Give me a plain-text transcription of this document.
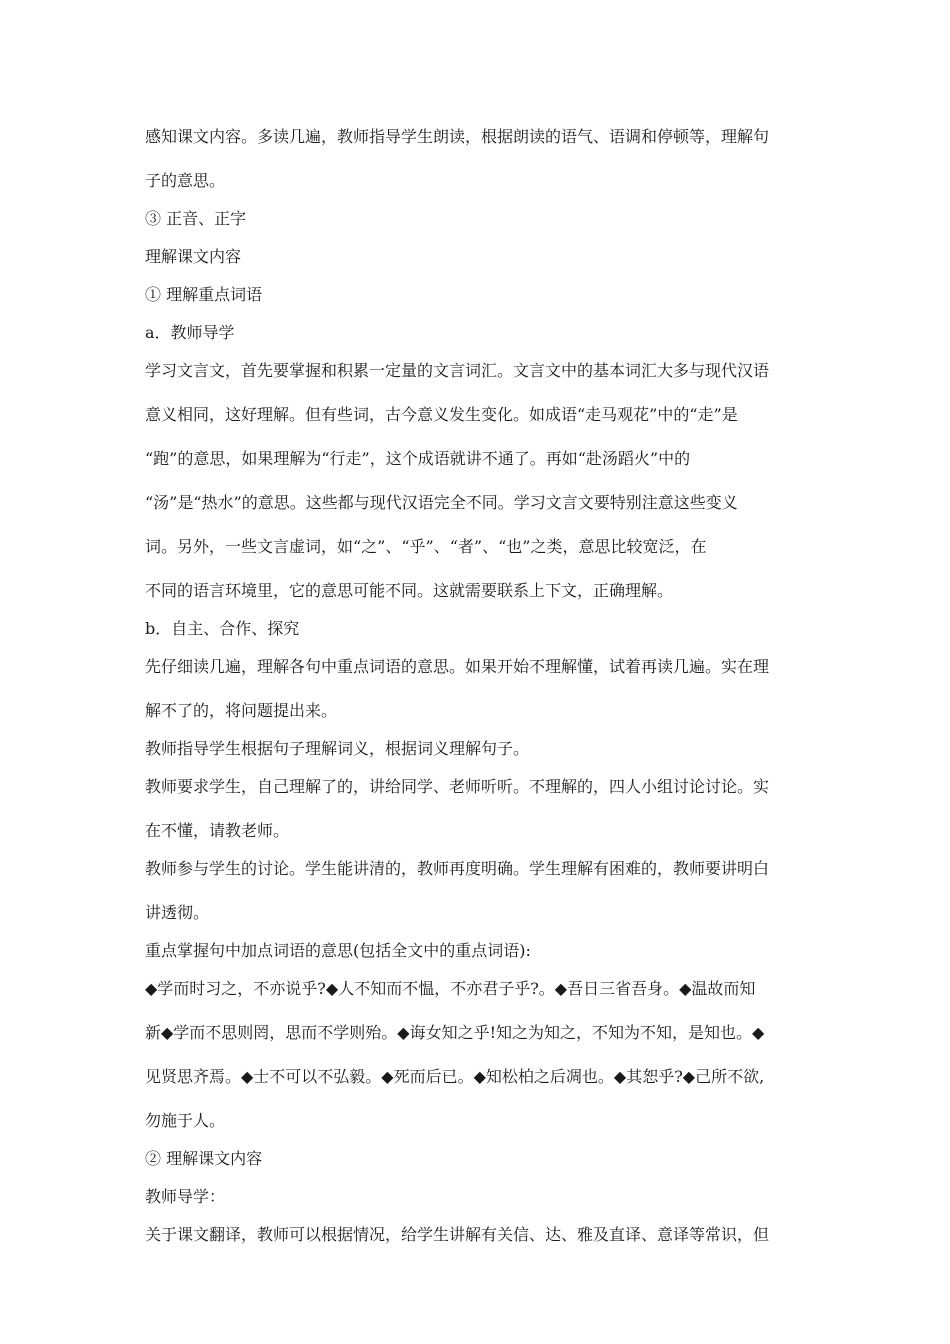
感知课文内容。多读几遍，教师指导学生朗读，根据朗读的语气、语调和停顿等，理解句
子的意思。
③ 正音、正字
理解课文内容
① 理解重点词语
a．教师导学
学习文言文，首先要掌握和积累一定量的文言词汇。文言文中的基本词汇大多与现代汉语
意义相同，这好理解。但有些词，古今意义发生变化。如成语“走马观花”中的“走”是
“跑”的意思，如果理解为“行走”，这个成语就讲不通了。再如“赴汤蹈火”中的
“汤”是“热水”的意思。这些都与现代汉语完全不同。学习文言文要特别注意这些变义
词。另外，一些文言虚词，如“之”、“乎”、“者”、“也”之类，意思比较宽泛，在
不同的语言环境里，它的意思可能不同。这就需要联系上下文，正确理解。
b．自主、合作、探究
先仔细读几遍，理解各句中重点词语的意思。如果开始不理解懂，试着再读几遍。实在理
解不了的，将问题提出来。
教师指导学生根据句子理解词义，根据词义理解句子。
教师要求学生，自己理解了的，讲给同学、老师听听。不理解的，四人小组讨论讨论。实
在不懂，请教老师。
教师参与学生的讨论。学生能讲清的，教师再度明确。学生理解有困难的，教师要讲明白
讲透彻。
重点掌握句中加点词语的意思(包括全文中的重点词语):
◆学而时习之，不亦说乎?◆人不知而不愠，不亦君子乎?。◆吾日三省吾身。◆温故而知
新◆学而不思则罔，思而不学则殆。◆诲女知之乎!知之为知之，不知为不知，是知也。◆
见贤思齐焉。◆士不可以不弘毅。◆死而后已。◆知松柏之后凋也。◆其恕乎?◆己所不欲,
勿施于人。
② 理解课文内容
教师导学：
关于课文翻译，教师可以根据情况，给学生讲解有关信、达、雅及直译、意译等常识，但
